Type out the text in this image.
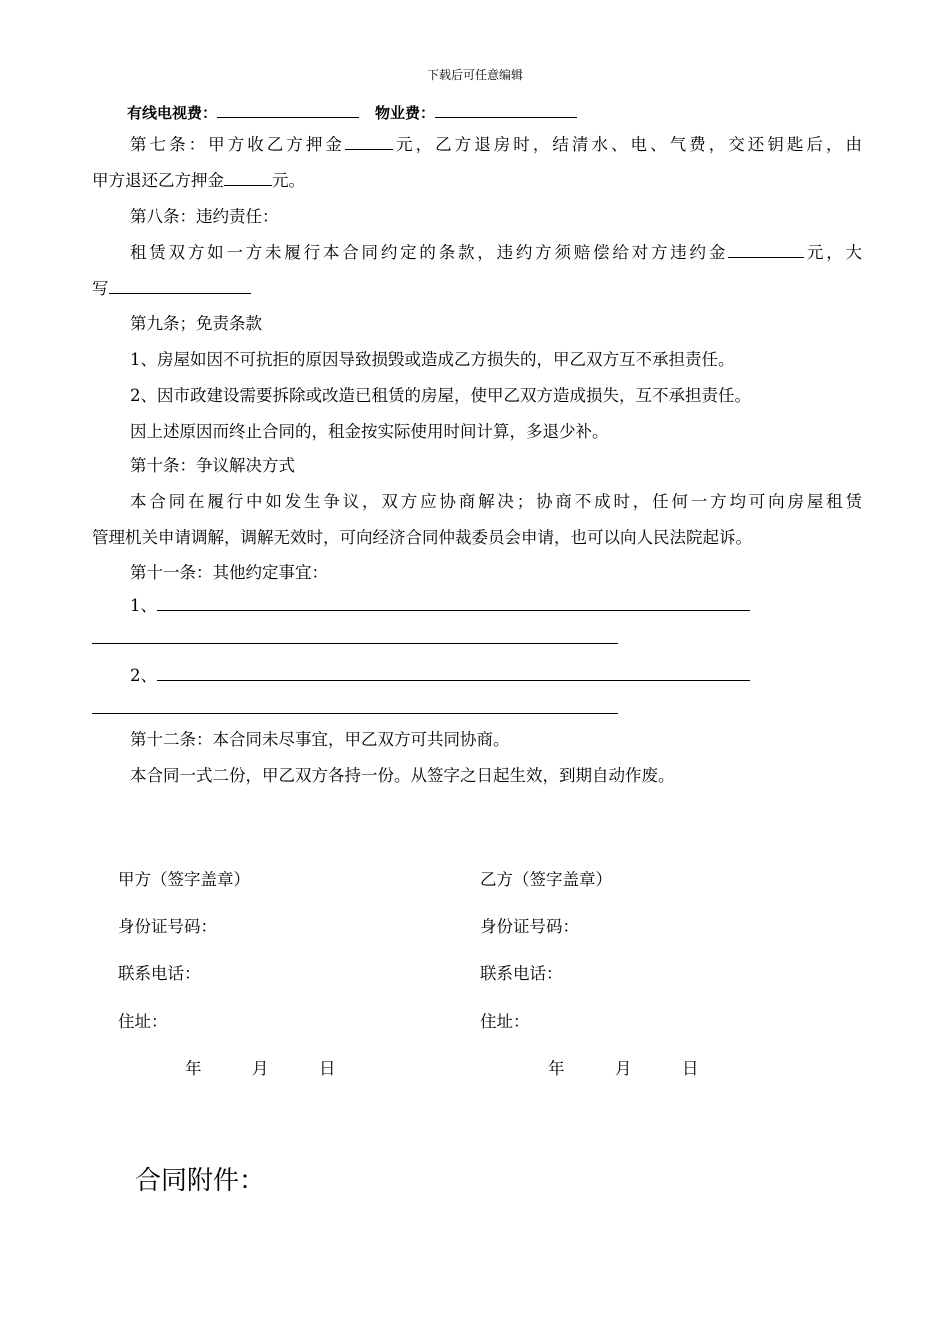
下载后可任意编辑
有线电视费：	物业费：
第七条：甲方收乙方押金	元，乙方退房时，结清水、电、气费，交还钥匙后，由
甲方退还乙方押金	元。
第八条：违约责任：
租赁双方如一方未履行本合同约定的条款，违约方须赔偿给对方违约金	元，大
写
第九条；免责条款
1、房屋如因不可抗拒的原因导致损毁或造成乙方损失的，甲乙双方互不承担责任。
2、因市政建设需要拆除或改造已租赁的房屋，使甲乙双方造成损失，互不承担责任。
因上述原因而终止合同的，租金按实际使用时间计算，多退少补。
第十条：争议解决方式
本合同在履行中如发生争议，双方应协商解决；协商不成时，任何一方均可向房屋租赁
管理机关申请调解，调解无效时，可向经济合同仲裁委员会申请，也可以向人民法院起诉。
第十一条：其他约定事宜：
1、
2、
第十二条：本合同未尽事宜，甲乙双方可共同协商。
本合同一式二份，甲乙双方各持一份。从签字之日起生效，到期自动作废。
甲方（签字盖章）
身份证号码：
联系电话：
住址：
年	月	日
乙方（签字盖章）
身份证号码：
联系电话：
住址：
年	月	日
合同附件：
